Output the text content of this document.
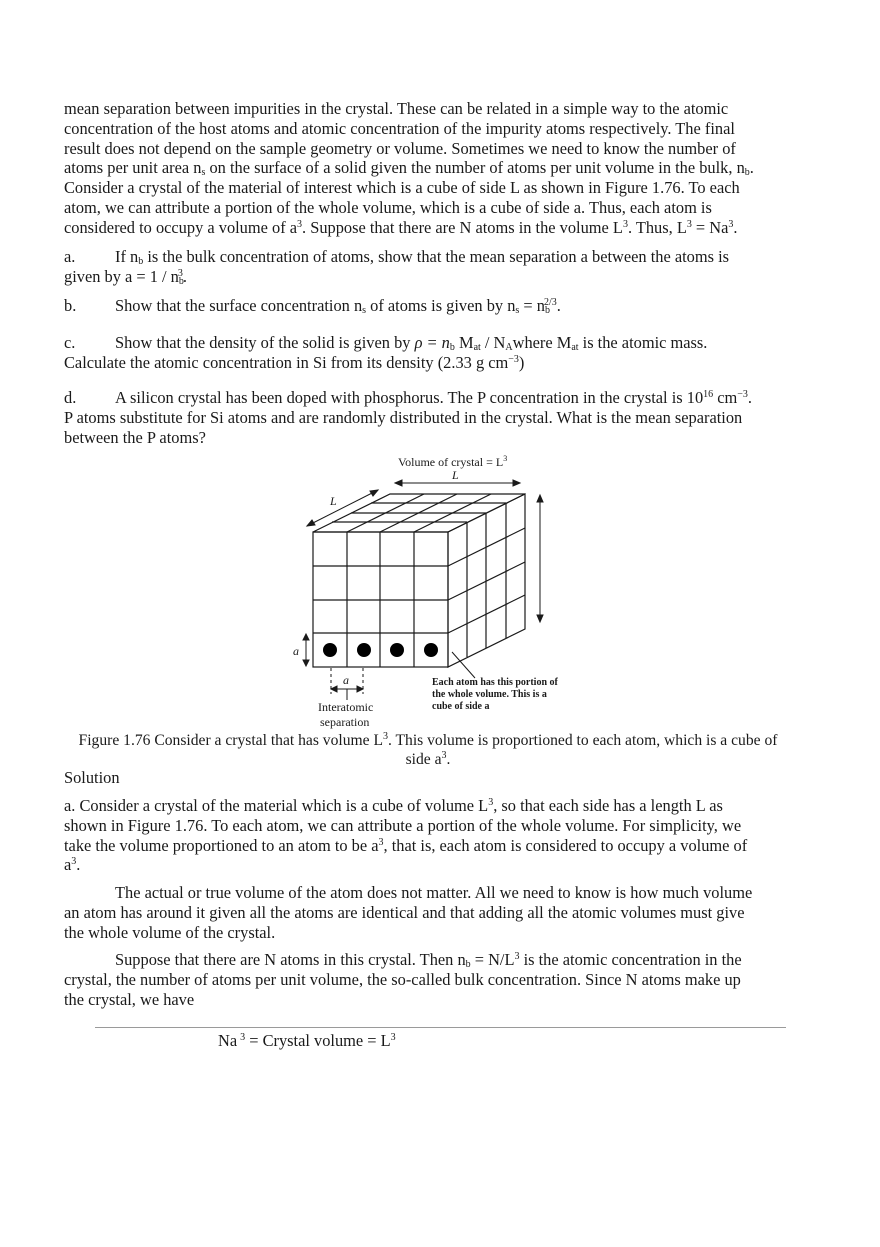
mean separation between impurities in the crystal. These can be related in a simple way to the atomic
concentration of the host atoms and atomic concentration of the impurity atoms respectively. The final
result does not depend on the sample geometry or volume. Sometimes we need to know the number of
atoms per unit area $n_s$ on the surface of a solid given the number of atoms per unit volume in the bulk, $n_b$.
Consider a crystal of the material of interest which is a cube of side L as shown in Figure 1.76. To each
atom, we can attribute a portion of the whole volume, which is a cube of side a. Thus, each atom is
considered to occupy a volume of $a^3$. Suppose that there are N atoms in the volume $L^3$. Thus, $L^3 = Na^3$.
a. If $n_b$ is the bulk concentration of atoms, show that the mean separation a between the atoms is
given by $a = 1 / n_b^3$.
b. Show that the surface concentration $n_s$ of atoms is given by $n_s = n_b^{2/3}$.
c. Show that the density of the solid is given by $\rho = n_b$ $M_{at}$ / $N_Awhere$ $M_{at}$ is the atomic mass.
Calculate the atomic concentration in Si from its density (2.33 g $cm^{-3}$)
d. A silicon crystal has been doped with phosphorus. The P concentration in the crystal is $10^{16}$ $cm^{-3}$.
P atoms substitute for Si atoms and are randomly distributed in the crystal. What is the mean separation
between the P atoms?
Volume of crystal = $L^3$
L
L
a
a
Interatomic
separation
Each atom has this portion of
the whole volume. This is a
cube of side a
Figure 1.76 Consider a crystal that has volume $L^3$. This volume is proportioned to each atom, which is a cube of
side $a^3$.
Solution
a. Consider a crystal of the material which is a cube of volume $L^3$, so that each side has a length L as
shown in Figure 1.76. To each atom, we can attribute a portion of the whole volume. For simplicity, we
take the volume proportioned to an atom to be $a^3$, that is, each atom is considered to occupy a volume of
$a^3$.
The actual or true volume of the atom does not matter. All we need to know is how much volume
an atom has around it given all the atoms are identical and that adding all the atomic volumes must give
the whole volume of the crystal.
Suppose that there are N atoms in this crystal. Then $n_b = N/L^3$ is the atomic concentration in the
crystal, the number of atoms per unit volume, the so-called bulk concentration. Since N atoms make up
the crystal, we have
Na $^3$ = Crystal volume = $L^3$
